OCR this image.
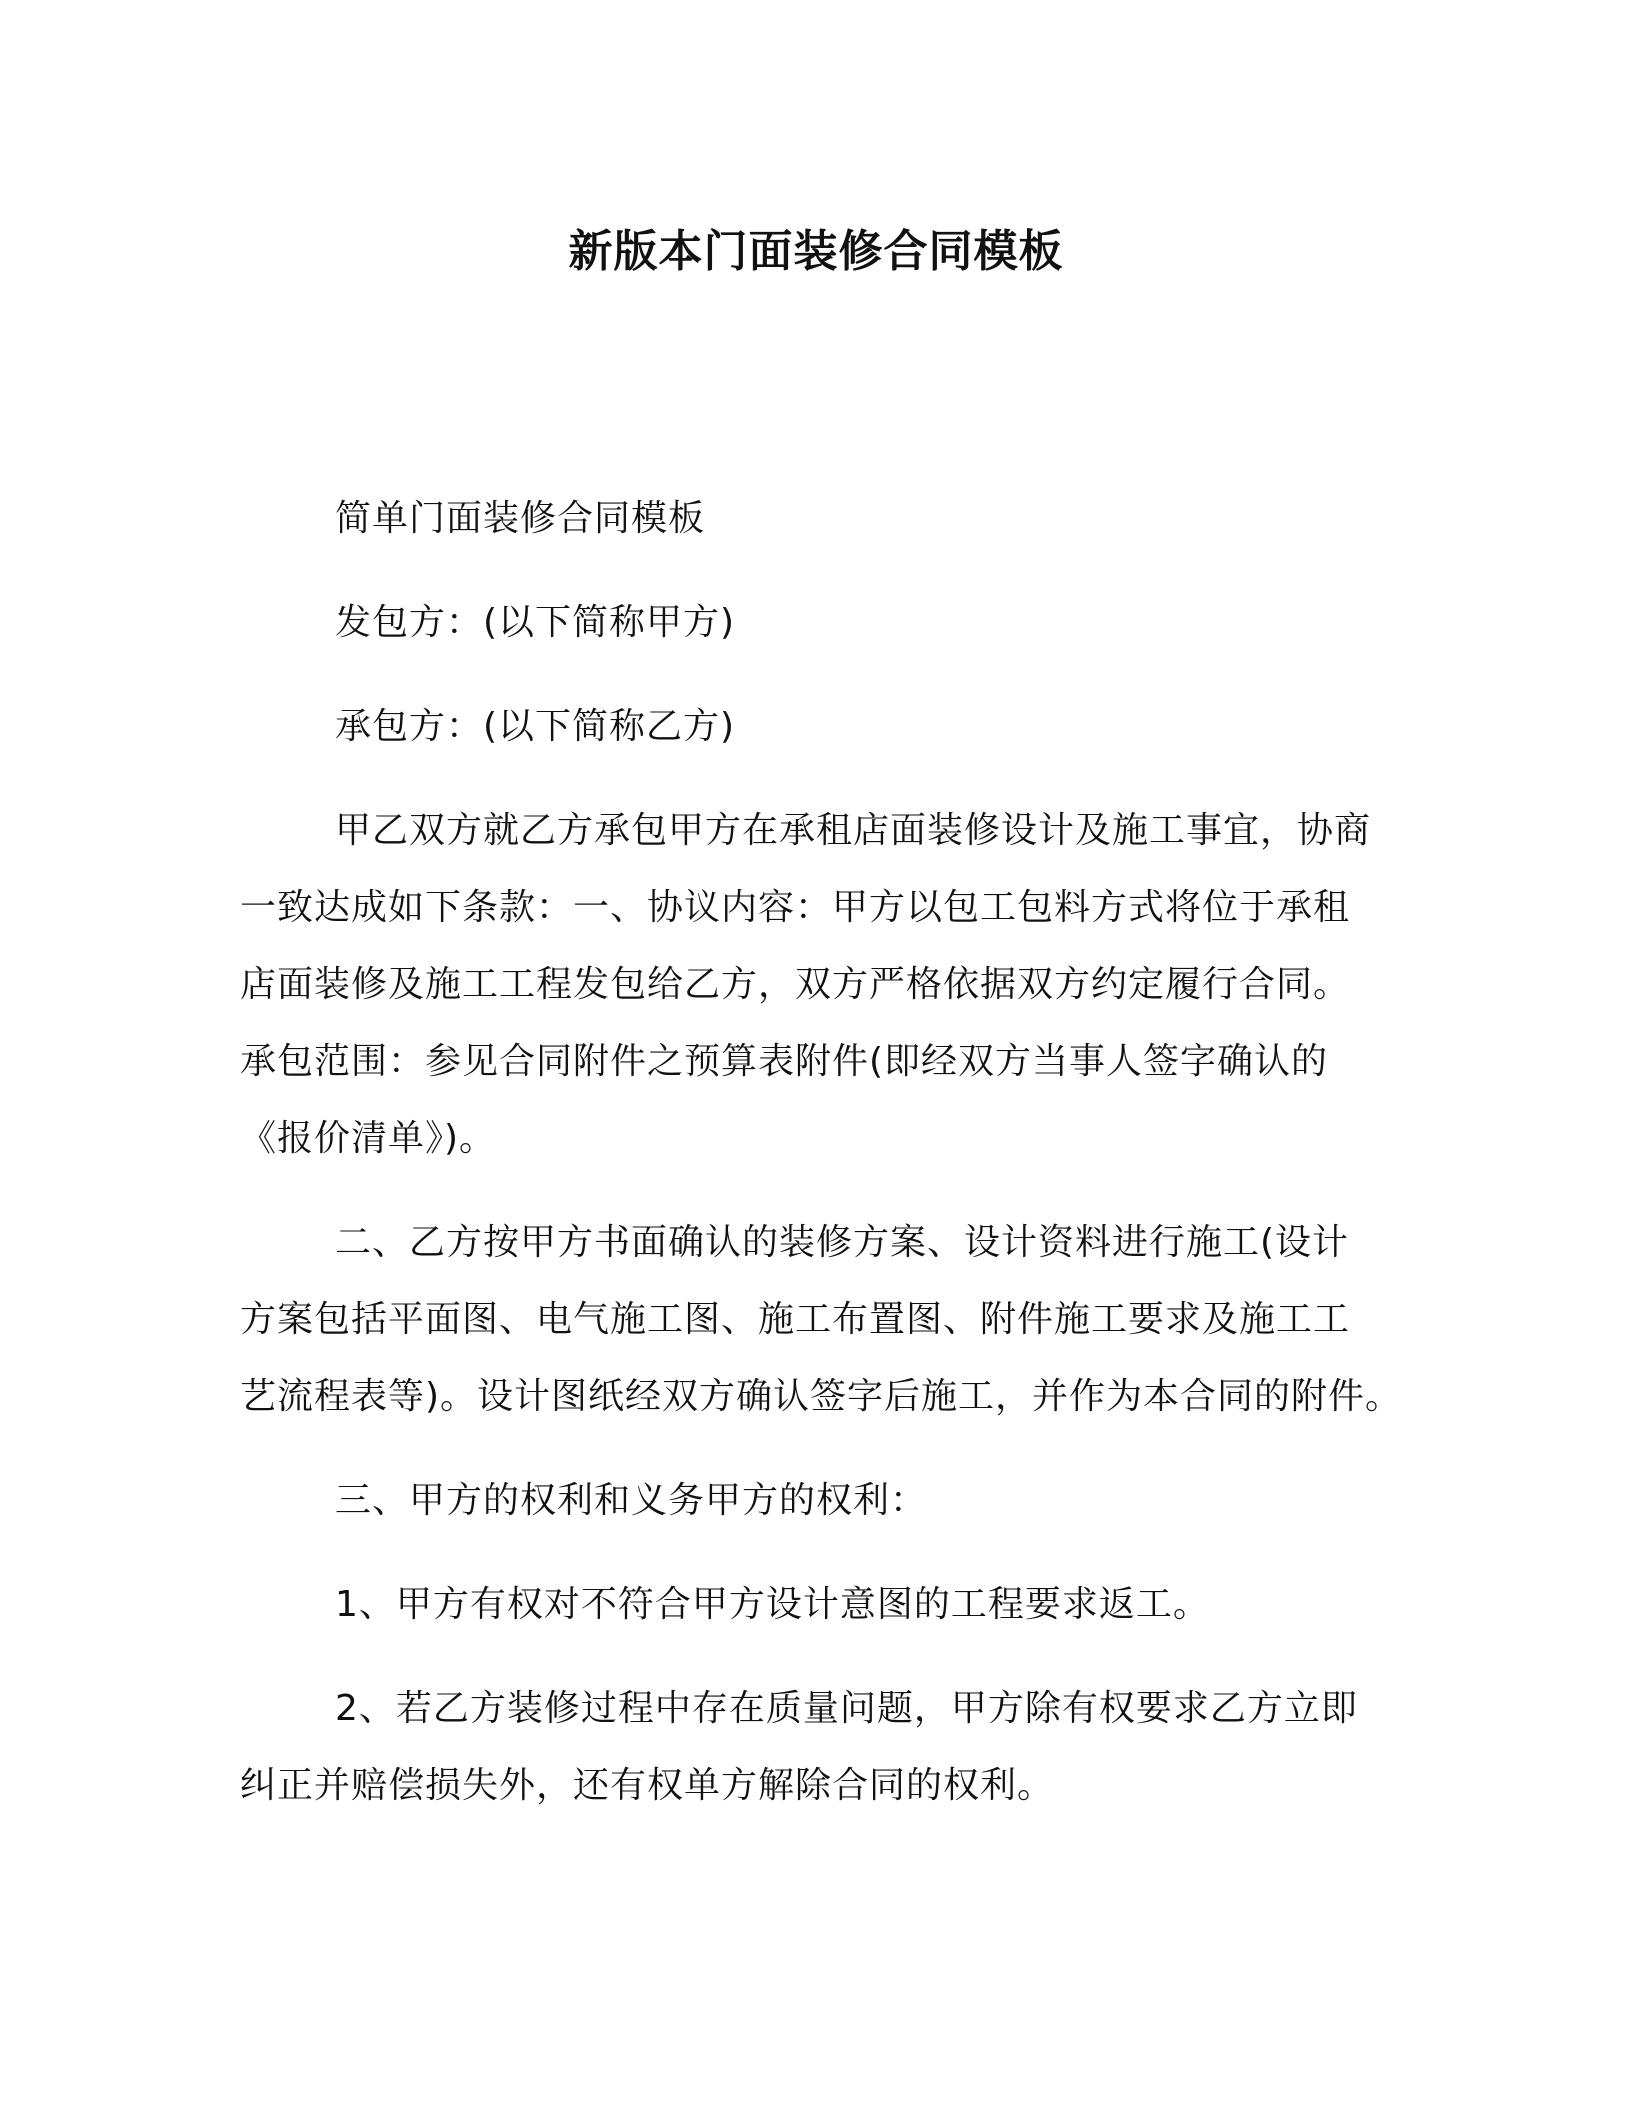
新版本门面装修合同模板

简单门面装修合同模板

发包方：(以下简称甲方)

承包方：(以下简称乙方)

甲乙双方就乙方承包甲方在承租店面装修设计及施工事宜，协商
一致达成如下条款：一、协议内容：甲方以包工包料方式将位于承租
店面装修及施工工程发包给乙方，双方严格依据双方约定履行合同。
承包范围：参见合同附件之预算表附件(即经双方当事人签字确认的
《报价清单》)。

二、乙方按甲方书面确认的装修方案、设计资料进行施工(设计
方案包括平面图、电气施工图、施工布置图、附件施工要求及施工工
艺流程表等)。设计图纸经双方确认签字后施工，并作为本合同的附件。

三、甲方的权利和义务甲方的权利：

1、甲方有权对不符合甲方设计意图的工程要求返工。

2、若乙方装修过程中存在质量问题，甲方除有权要求乙方立即
纠正并赔偿损失外，还有权单方解除合同的权利。
